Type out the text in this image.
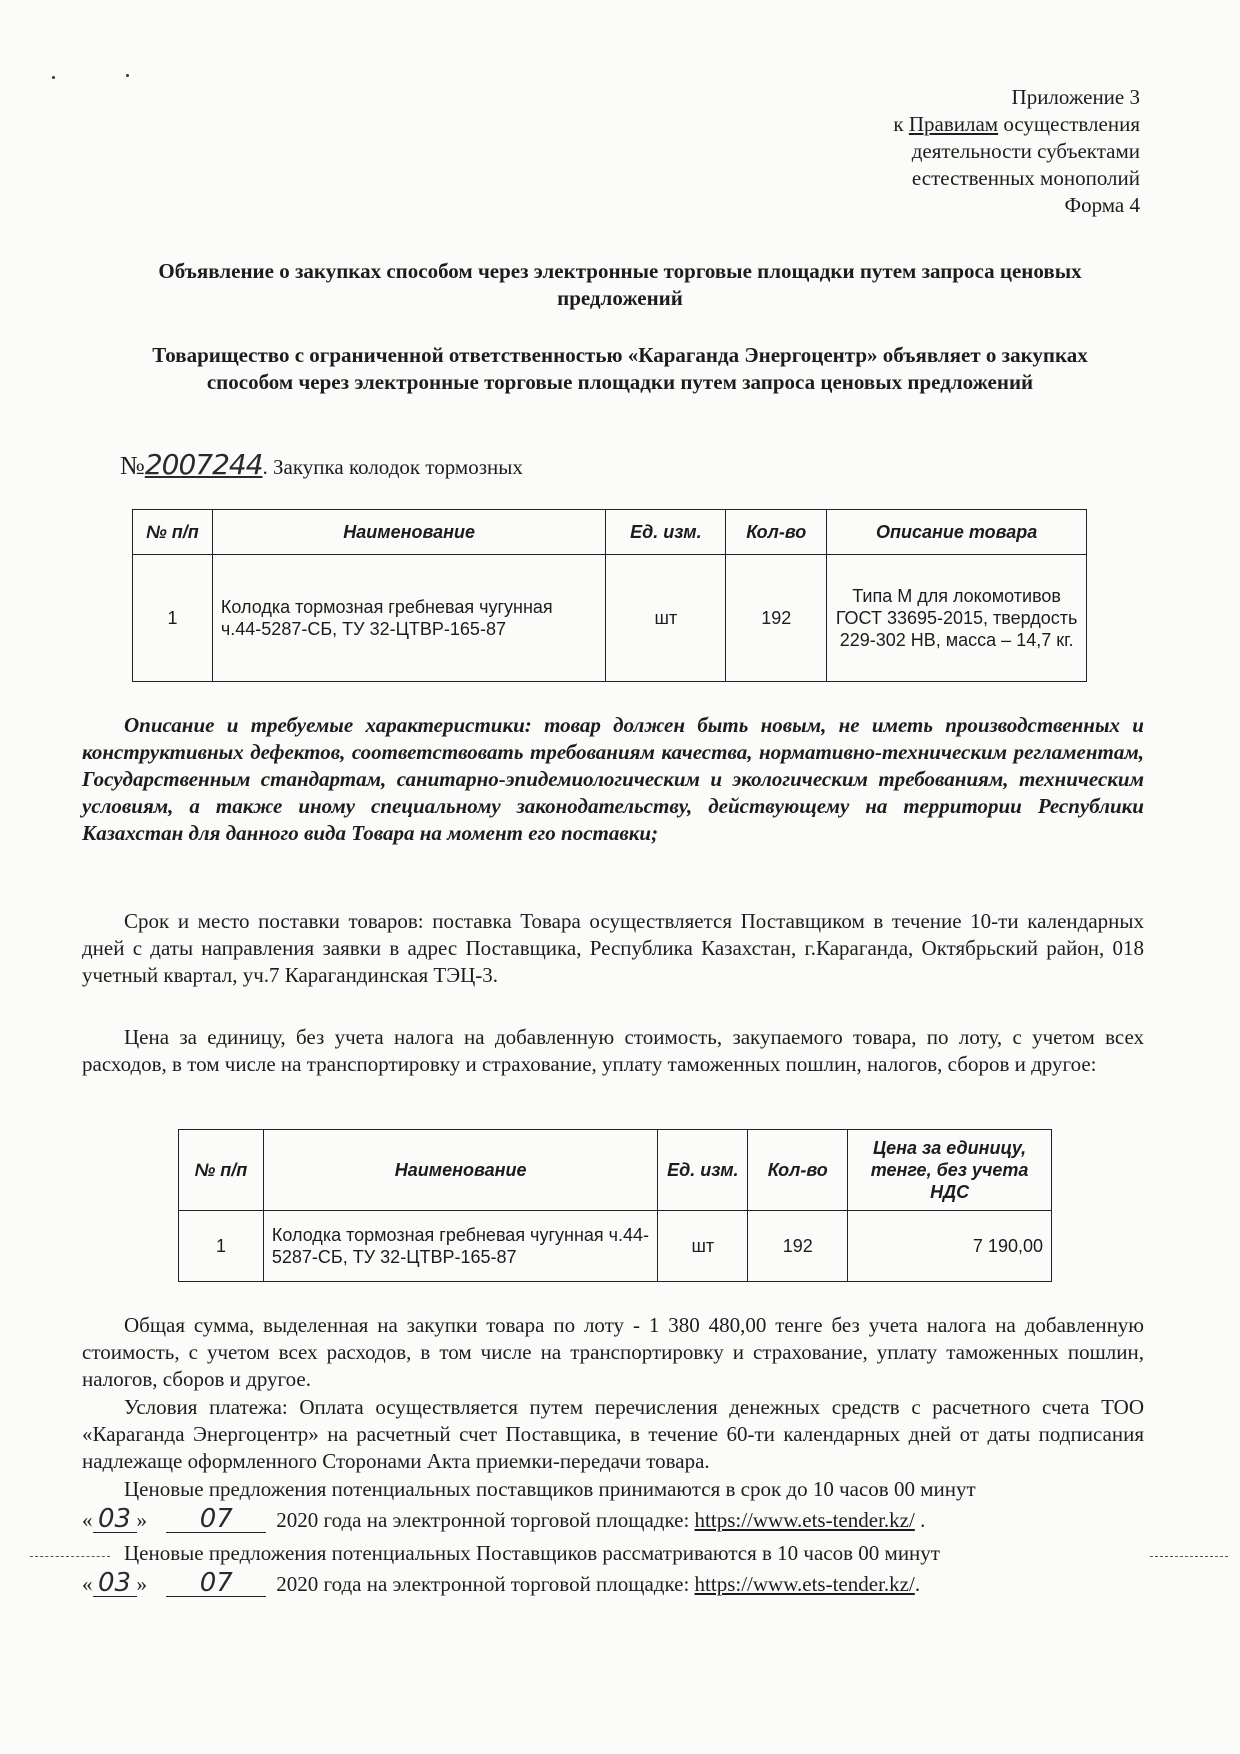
Приложение 3
к Правилам осуществления
деятельности субъектами
естественных монополий
Форма 4
Объявление о закупках способом через электронные торговые площадки путем запроса ценовых предложений
Товарищество с ограниченной ответственностью «Караганда Энергоцентр» объявляет о закупках способом через электронные торговые площадки путем запроса ценовых предложений
№2007244. Закупка колодок тормозных
№ п/п	Наименование	Ед. изм.	Кол-во	Описание товара
1	Колодка тормозная гребневая чугунная ч.44-5287-СБ, ТУ 32-ЦТВР-165-87	шт	192	Типа М для локомотивов ГОСТ 33695-2015, твердость 229-302 НВ, масса – 14,7 кг.
Описание и требуемые характеристики: товар должен быть новым, не иметь производственных и конструктивных дефектов, соответствовать требованиям качества, нормативно-техническим регламентам, Государственным стандартам, санитарно-эпидемиологическим и экологическим требованиям, техническим условиям, а также иному специальному законодательству, действующему на территории Республики Казахстан для данного вида Товара на момент его поставки;
Срок и место поставки товаров: поставка Товара осуществляется Поставщиком в течение 10-ти календарных дней с даты направления заявки в адрес Поставщика, Республика Казахстан, г.Караганда, Октябрьский район, 018 учетный квартал, уч.7 Карагандинская ТЭЦ-3.
Цена за единицу, без учета налога на добавленную стоимость, закупаемого товара, по лоту, с учетом всех расходов, в том числе на транспортировку и страхование, уплату таможенных пошлин, налогов, сборов и другое:
№ п/п	Наименование	Ед. изм.	Кол-во	Цена за единицу, тенге, без учета НДС
1	Колодка тормозная гребневая чугунная ч.44-5287-СБ, ТУ 32-ЦТВР-165-87	шт	192	7 190,00
Общая сумма, выделенная на закупки товара по лоту - 1 380 480,00 тенге без учета налога на добавленную стоимость, с учетом всех расходов, в том числе на транспортировку и страхование, уплату таможенных пошлин, налогов, сборов и другое.
Условия платежа: Оплата осуществляется путем перечисления денежных средств с расчетного счета ТОО «Караганда Энергоцентр» на расчетный счет Поставщика, в течение 60-ти календарных дней от даты подписания надлежаще оформленного Сторонами Акта приемки-передачи товара.
Ценовые предложения потенциальных поставщиков принимаются в срок до 10 часов 00 минут
« 03 » 07 2020 года на электронной торговой площадке: https://www.ets-tender.kz/ .
Ценовые предложения потенциальных Поставщиков рассматриваются в 10 часов 00 минут
« 03 » 07 2020 года на электронной торговой площадке: https://www.ets-tender.kz/.
